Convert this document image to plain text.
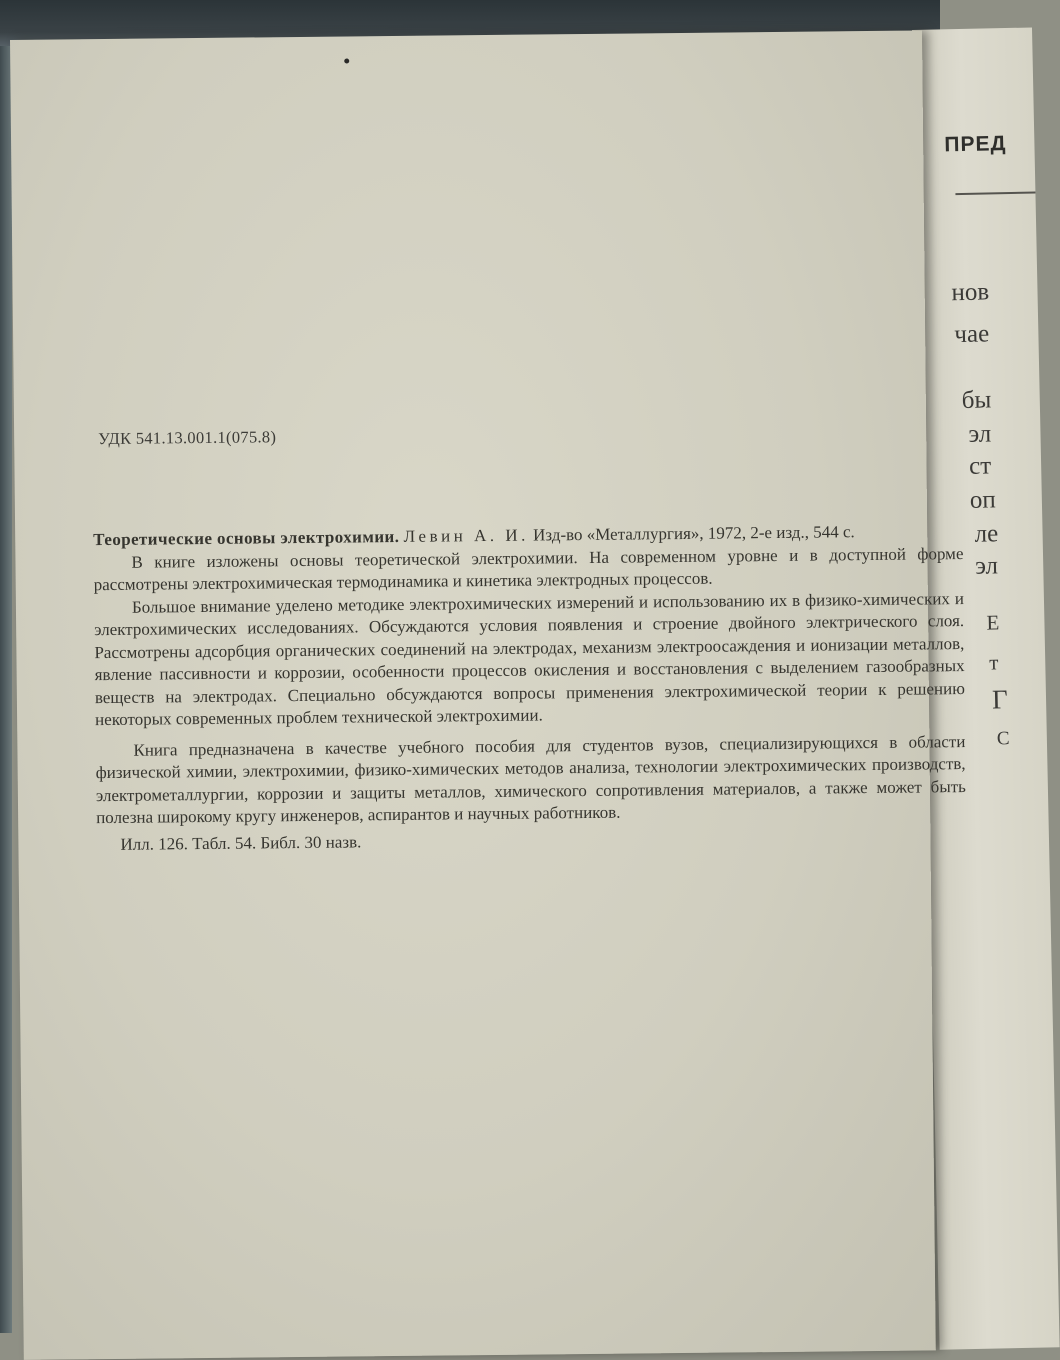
ПРЕД
нов
чае
бы
эл
ст
оп
ле
эл
Е
т
Г
С
УДК 541.13.001.1(075.8)

Теоретические основы электрохимии. Левин А. И. Изд-во «Металлургия», 1972, 2-е изд., 544 с.

В книге изложены основы теоретической электрохимии. На современном уровне и в доступной форме рассмотрены электрохимическая термодинамика и кинетика электродных процессов.

Большое внимание уделено методике электрохимических измерений и использованию их в физико-химических и электрохимических исследованиях. Обсуждаются условия появления и строение двойного электрического слоя. Рассмотрены адсорбция органических соединений на электродах, механизм электроосаждения и ионизации металлов, явление пассивности и коррозии, особенности процессов окисления и восстановления с выделением газообразных веществ на электродах. Специально обсуждаются вопросы применения электрохимической теории к решению некоторых современных проблем технической электрохимии.

Книга предназначена в качестве учебного пособия для студентов вузов, специализирующихся в области физической химии, электрохимии, физико-химических методов анализа, технологии электрохимических производств, электрометаллургии, коррозии и защиты металлов, химического сопротивления материалов, а также может быть полезна широкому кругу инженеров, аспирантов и научных работников.

Илл. 126. Табл. 54. Библ. 30 назв.
